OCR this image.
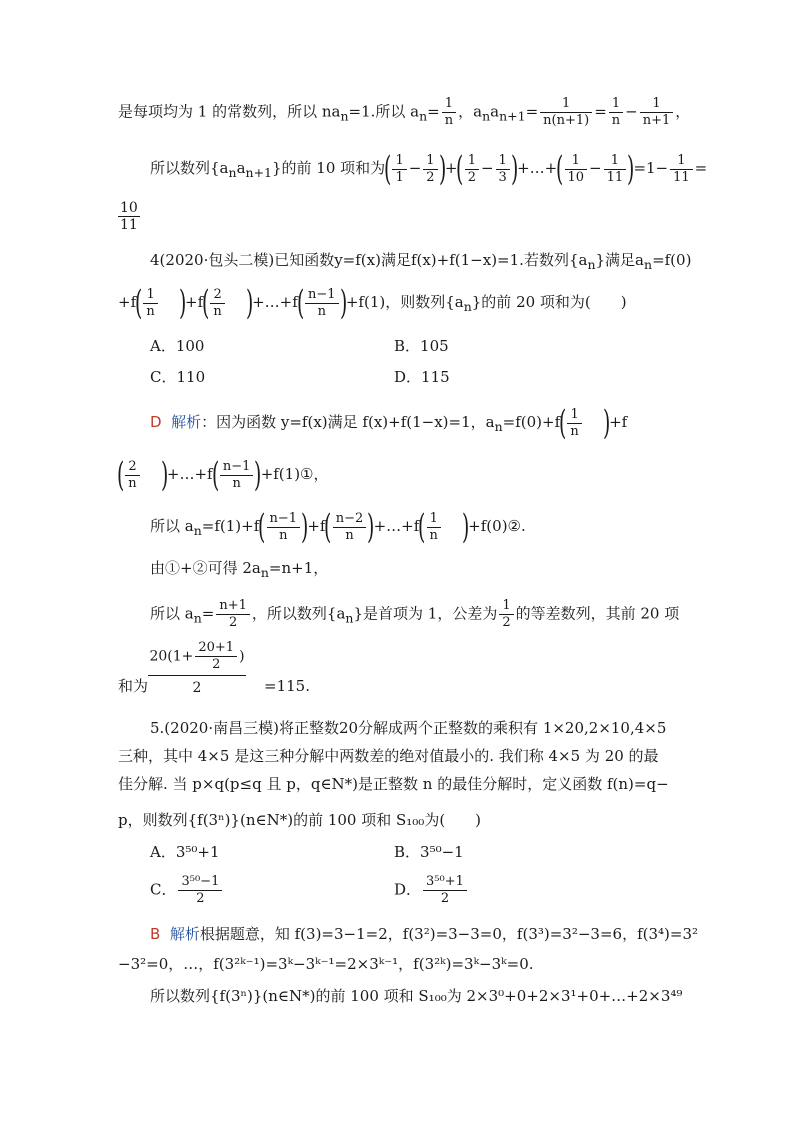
是每项均为 1 的常数列，所以 $na_n=1$.所以 $a_n= \frac{1}{n}$ ，$a_na_{n+1}= \frac{1}{n(n+1)} = \frac{1}{n} - \frac{1}{n+1}$ ，
所以数列$\{a_na_{n+1}\}$的前 10 项和为( $\frac{1}{1} - \frac{1}{2}$ )+( $\frac{1}{2} - \frac{1}{3}$ )+…+( $\frac{1}{10} - \frac{1}{11} )=1- \frac{1}{11}$ =
10
11
4(2020·包头二模)已知函数y=f(x)满足f(x)+f(1−x)=1.若数列$\{a_n\}$满足$a_n=f(0)$
$+f( \frac{1}{n} )+f( \frac{2}{n}$ )+…+f( $\frac{n-1}{n} )+f(1)$，则数列$\{a_n\}$的前 20 项和为(　　)
A．100	B．105
C．110	D．115
D 解析：因为函数 y=f(x)满足 f(x)+f(1−x)=1，$a_n=f(0)+f( \frac{1}{n} )+f$
( $\frac{2}{n}$ )+…+f( $\frac{n-1}{n}$ )+f(1)①，
所以 $a_n=f(1)+f( \frac{n-1}{n} )+f( \frac{n-2}{n}$ )+…+f( $\frac{1}{n}$ )+f(0)②.
由①+②可得 $2a_n=n+1$，
所以 $a_n= \frac{n+1}{2}$ ，所以数列$\{a_n\}$是首项为 1，公差为 $\frac{1}{2}$ 的等差数列，其前 20 项
$20(1+ \frac{20+1}{2}$ )
2
和为	=115.
5.(2020·南昌三模)将正整数20分解成两个正整数的乘积有 1×20,2×10,4×5
三种，其中 4×5 是这三种分解中两数差的绝对值最小的. 我们称 4×5 为 20 的最
佳分解. 当 p×q(p≤q 且 p，q∈N*)是正整数 n 的最佳分解时，定义函数 f(n)=q−
p，则数列{f(3ⁿ)}(n∈N*)的前 100 项和 S₁₀₀为(　　)
A．3⁵⁰+1	B．3⁵⁰−1
C． $\frac{\text{3⁵⁰−1}}{2}$	D． $\frac{\text{3⁵⁰+1}}{2}$
B 解析根据题意，知 f(3)=3−1=2，f(3²)=3−3=0，f(3³)=3²−3=6，f(3⁴)=3²
−3²=0，…，f(3²ᵏ⁻¹)=3ᵏ−3ᵏ⁻¹=2×3ᵏ⁻¹，f(3²ᵏ)=3ᵏ−3ᵏ=0.
所以数列{f(3ⁿ)}(n∈N*)的前 100 项和 S₁₀₀为 2×3⁰+0+2×3¹+0+…+2×3⁴⁹
